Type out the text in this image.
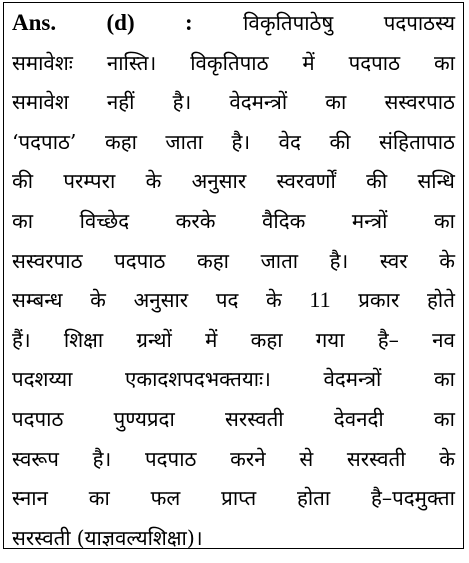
Ans. (d) : विकृतिपाठेषु पदपाठस्य
समावेशः नास्ति। विकृतिपाठ में पदपाठ का
समावेश नहीं है। वेदमन्त्रों का सस्वरपाठ
‘पदपाठ’ कहा जाता है। वेद की संहितापाठ
की परम्परा के अनुसार स्वरवर्णों की सन्धि
का विच्छेद करके वैदिक मन्त्रों का
सस्वरपाठ पदपाठ कहा जाता है। स्वर के
सम्बन्ध के अनुसार पद के 11 प्रकार होते
हैं। शिक्षा ग्रन्थों में कहा गया है– नव
पदशय्या	एकादशपदभक्तयाः।	वेदमन्त्रों	का
पदपाठ पुण्यप्रदा सरस्वती देवनदी का
स्वरूप है। पदपाठ करने से सरस्वती के
स्नान का फल प्राप्त होता है–पदमुक्ता
सरस्वती (याज्ञवल्यशिक्षा)।
